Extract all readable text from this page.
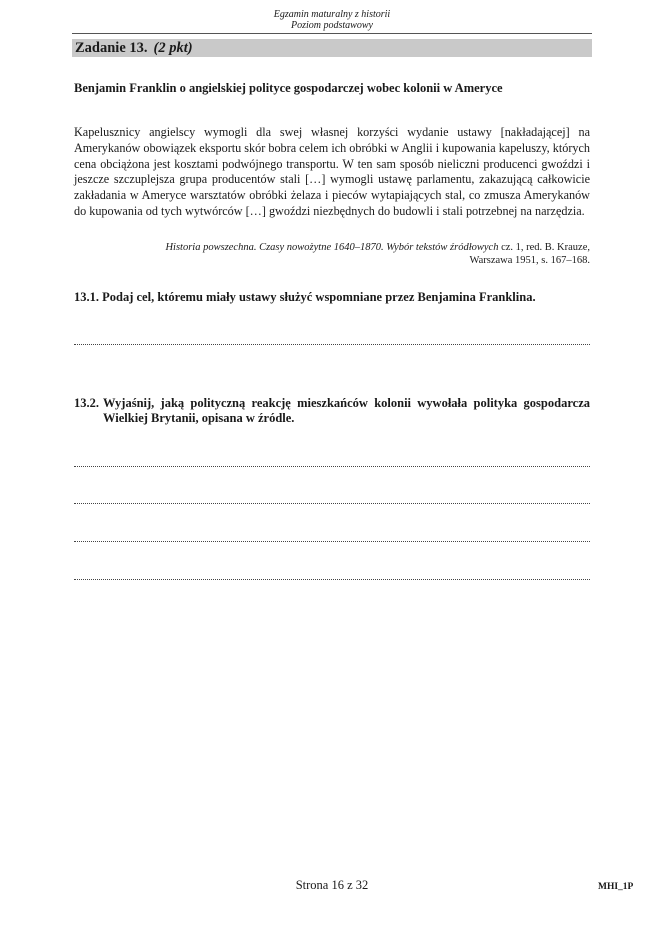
Egzamin maturalny z historii
Poziom podstawowy
Zadanie 13. (2 pkt)
Benjamin Franklin o angielskiej polityce gospodarczej wobec kolonii w Ameryce

Kapelusznicy angielscy wymogli dla swej własnej korzyści wydanie ustawy [nakładającej] na Amerykanów obowiązek eksportu skór bobra celem ich obróbki w Anglii i kupowania kapeluszy, których cena obciążona jest kosztami podwójnego transportu. W ten sam sposób nieliczni producenci gwoździ i jeszcze szczuplejsza grupa producentów stali […] wymogli ustawę parlamentu, zakazującą całkowicie zakładania w Ameryce warsztatów obróbki żelaza i pieców wytapiających stal, co zmusza Amerykanów do kupowania od tych wytwórców […] gwoździ niezbędnych do budowli i stali potrzebnej na narzędzia.

Historia powszechna. Czasy nowożytne 1640–1870. Wybór tekstów źródłowych cz. 1, red. B. Krauze,
Warszawa 1951, s. 167–168.
13.1. Podaj cel, któremu miały ustawy służyć wspomniane przez Benjamina Franklina.
13.2. Wyjaśnij, jaką polityczną reakcję mieszkańców kolonii wywołała polityka gospodarcza Wielkiej Brytanii, opisana w źródle.
Strona 16 z 32	MHI_1P
